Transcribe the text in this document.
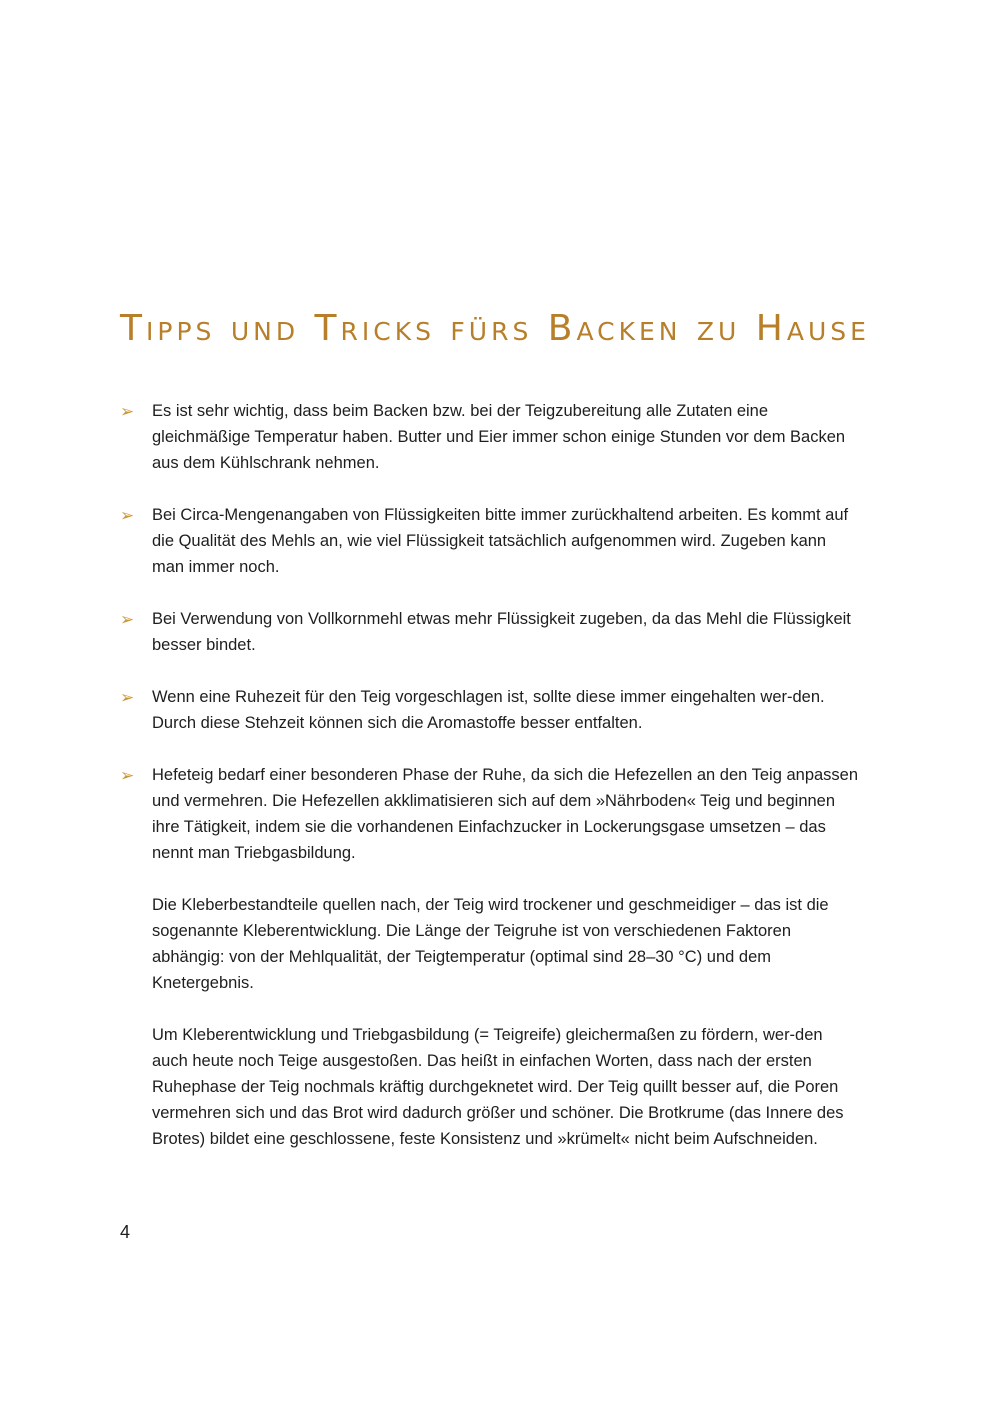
Tipps und Tricks fürs Backen zu Hause
➢ Es ist sehr wichtig, dass beim Backen bzw. bei der Teigzubereitung alle Zutaten eine gleichmäßige Temperatur haben. Butter und Eier immer schon einige Stunden vor dem Backen aus dem Kühlschrank nehmen.

➢ Bei Circa-Mengenangaben von Flüssigkeiten bitte immer zurückhaltend arbeiten. Es kommt auf die Qualität des Mehls an, wie viel Flüssigkeit tatsächlich aufgenommen wird. Zugeben kann man immer noch.

➢ Bei Verwendung von Vollkornmehl etwas mehr Flüssigkeit zugeben, da das Mehl die Flüssigkeit besser bindet.

➢ Wenn eine Ruhezeit für den Teig vorgeschlagen ist, sollte diese immer eingehalten wer-den. Durch diese Stehzeit können sich die Aromastoffe besser entfalten.

➢ Hefeteig bedarf einer besonderen Phase der Ruhe, da sich die Hefezellen an den Teig anpassen und vermehren. Die Hefezellen akklimatisieren sich auf dem »Nährboden« Teig und beginnen ihre Tätigkeit, indem sie die vorhandenen Einfachzucker in Lockerungsgase umsetzen – das nennt man Triebgasbildung.

Die Kleberbestandteile quellen nach, der Teig wird trockener und geschmeidiger – das ist die sogenannte Kleberentwicklung. Die Länge der Teigruhe ist von verschiedenen Faktoren abhängig: von der Mehlqualität, der Teigtemperatur (optimal sind 28–30 °C) und dem Knetergebnis.

Um Kleberentwicklung und Triebgasbildung (= Teigreife) gleichermaßen zu fördern, wer-den auch heute noch Teige ausgestoßen. Das heißt in einfachen Worten, dass nach der ersten Ruhephase der Teig nochmals kräftig durchgeknetet wird. Der Teig quillt besser auf, die Poren vermehren sich und das Brot wird dadurch größer und schöner. Die Brotkrume (das Innere des Brotes) bildet eine geschlossene, feste Konsistenz und »krümelt« nicht beim Aufschneiden.

4
